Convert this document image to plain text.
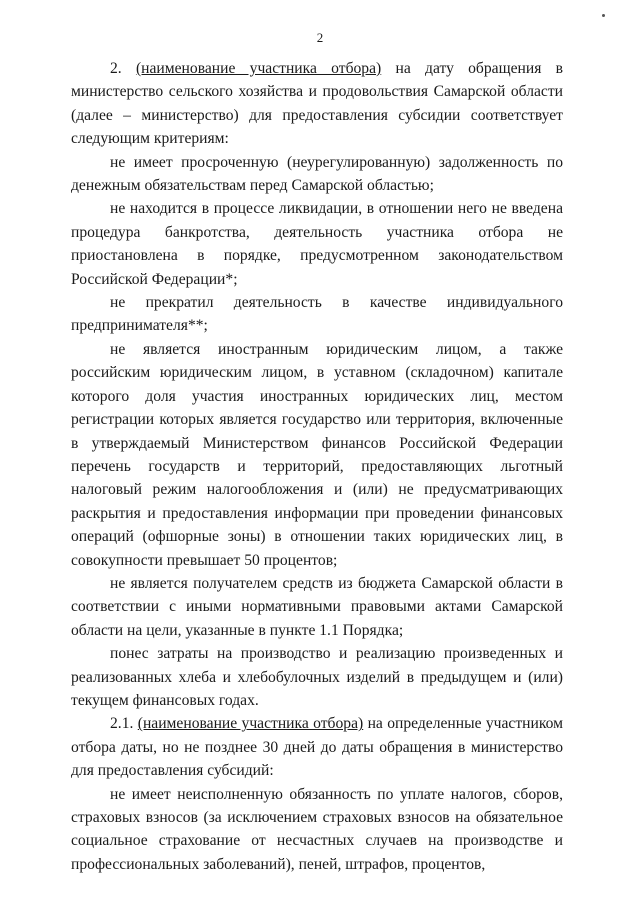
2

2. (наименование участника отбора) на дату обращения в министерство сельского хозяйства и продовольствия Самарской области (далее – министерство) для предоставления субсидии соответствует следующим критериям:

не имеет просроченную (неурегулированную) задолженность по денежным обязательствам перед Самарской областью;

не находится в процессе ликвидации, в отношении него не введена процедура банкротства, деятельность участника отбора не приостановлена в порядке, предусмотренном законодательством Российской Федерации*;

не прекратил деятельность в качестве индивидуального предпринимателя**;

не является иностранным юридическим лицом, а также российским юридическим лицом, в уставном (складочном) капитале которого доля участия иностранных юридических лиц, местом регистрации которых является государство или территория, включенные в утверждаемый Министерством финансов Российской Федерации перечень государств и территорий, предоставляющих льготный налоговый режим налогообложения и (или) не предусматривающих раскрытия и предоставления информации при проведении финансовых операций (офшорные зоны) в отношении таких юридических лиц, в совокупности превышает 50 процентов;

не является получателем средств из бюджета Самарской области в соответствии с иными нормативными правовыми актами Самарской области на цели, указанные в пункте 1.1 Порядка;

понес затраты на производство и реализацию произведенных и реализованных хлеба и хлебобулочных изделий в предыдущем и (или) текущем финансовых годах.

2.1. (наименование участника отбора) на определенные участником отбора даты, но не позднее 30 дней до даты обращения в министерство для предоставления субсидий:

не имеет неисполненную обязанность по уплате налогов, сборов, страховых взносов (за исключением страховых взносов на обязательное социальное страхование от несчастных случаев на производстве и профессиональных заболеваний), пеней, штрафов, процентов,
